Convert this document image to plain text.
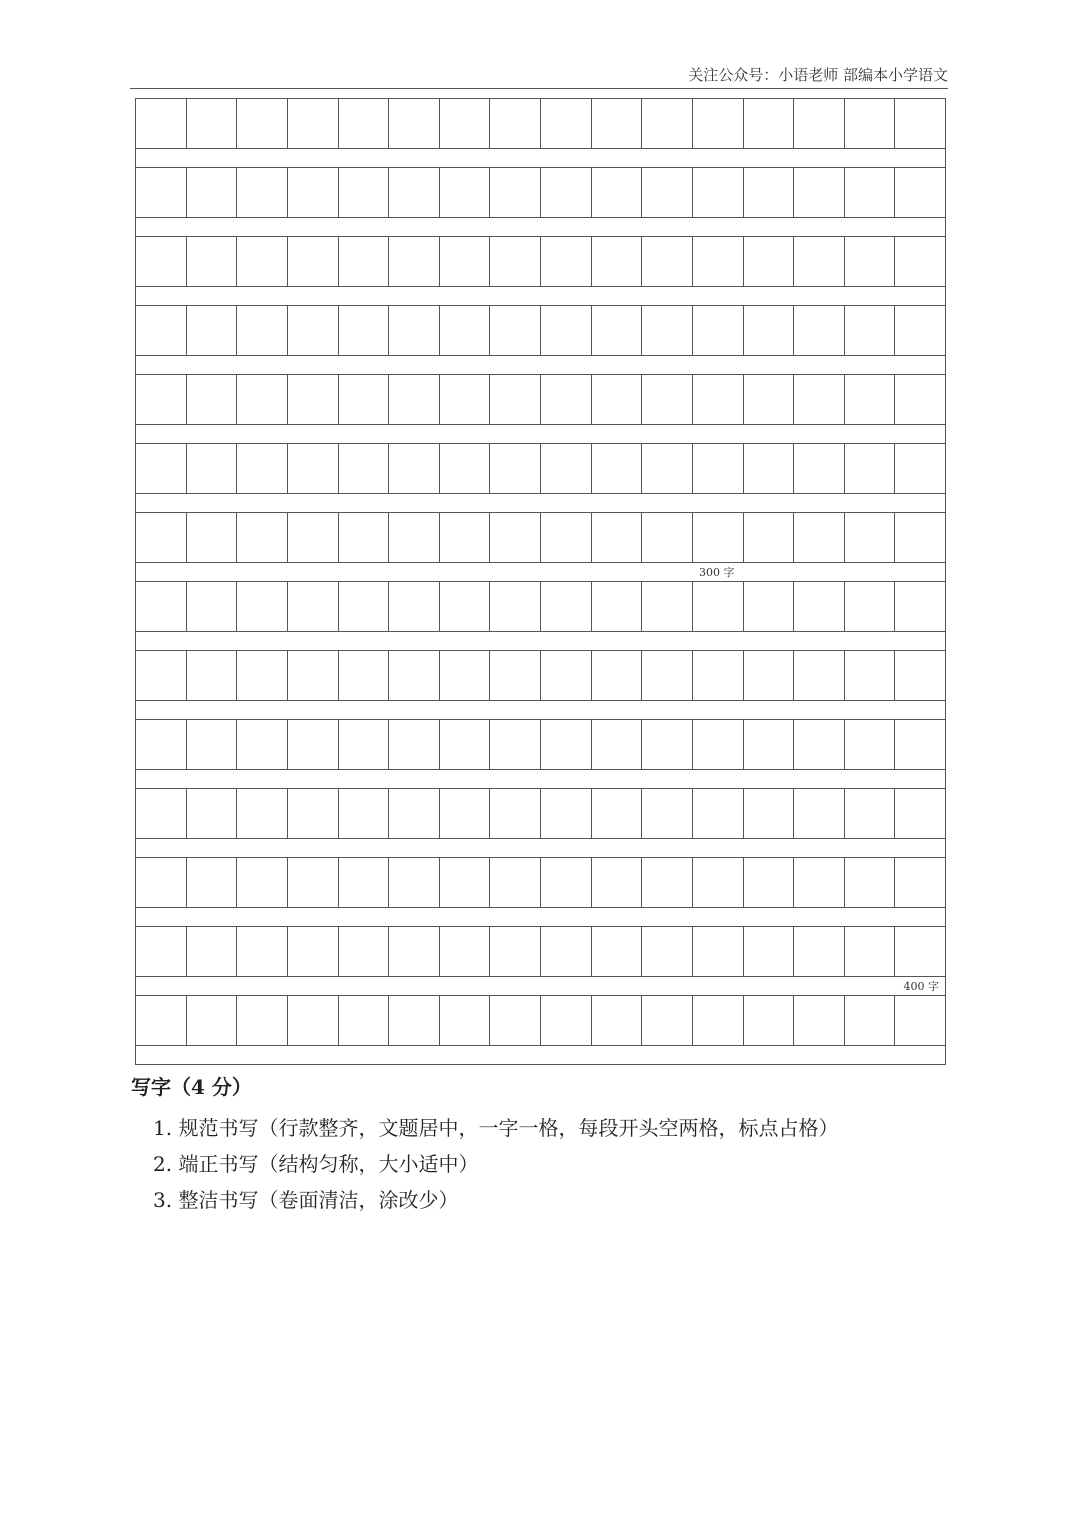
关注公众号：小语老师 部编本小学语文
300 字
400 字
写字（4 分）
1. 规范书写（行款整齐，文题居中，一字一格，每段开头空两格，标点占格）
2. 端正书写（结构匀称，大小适中）
3. 整洁书写（卷面清洁，涂改少）
